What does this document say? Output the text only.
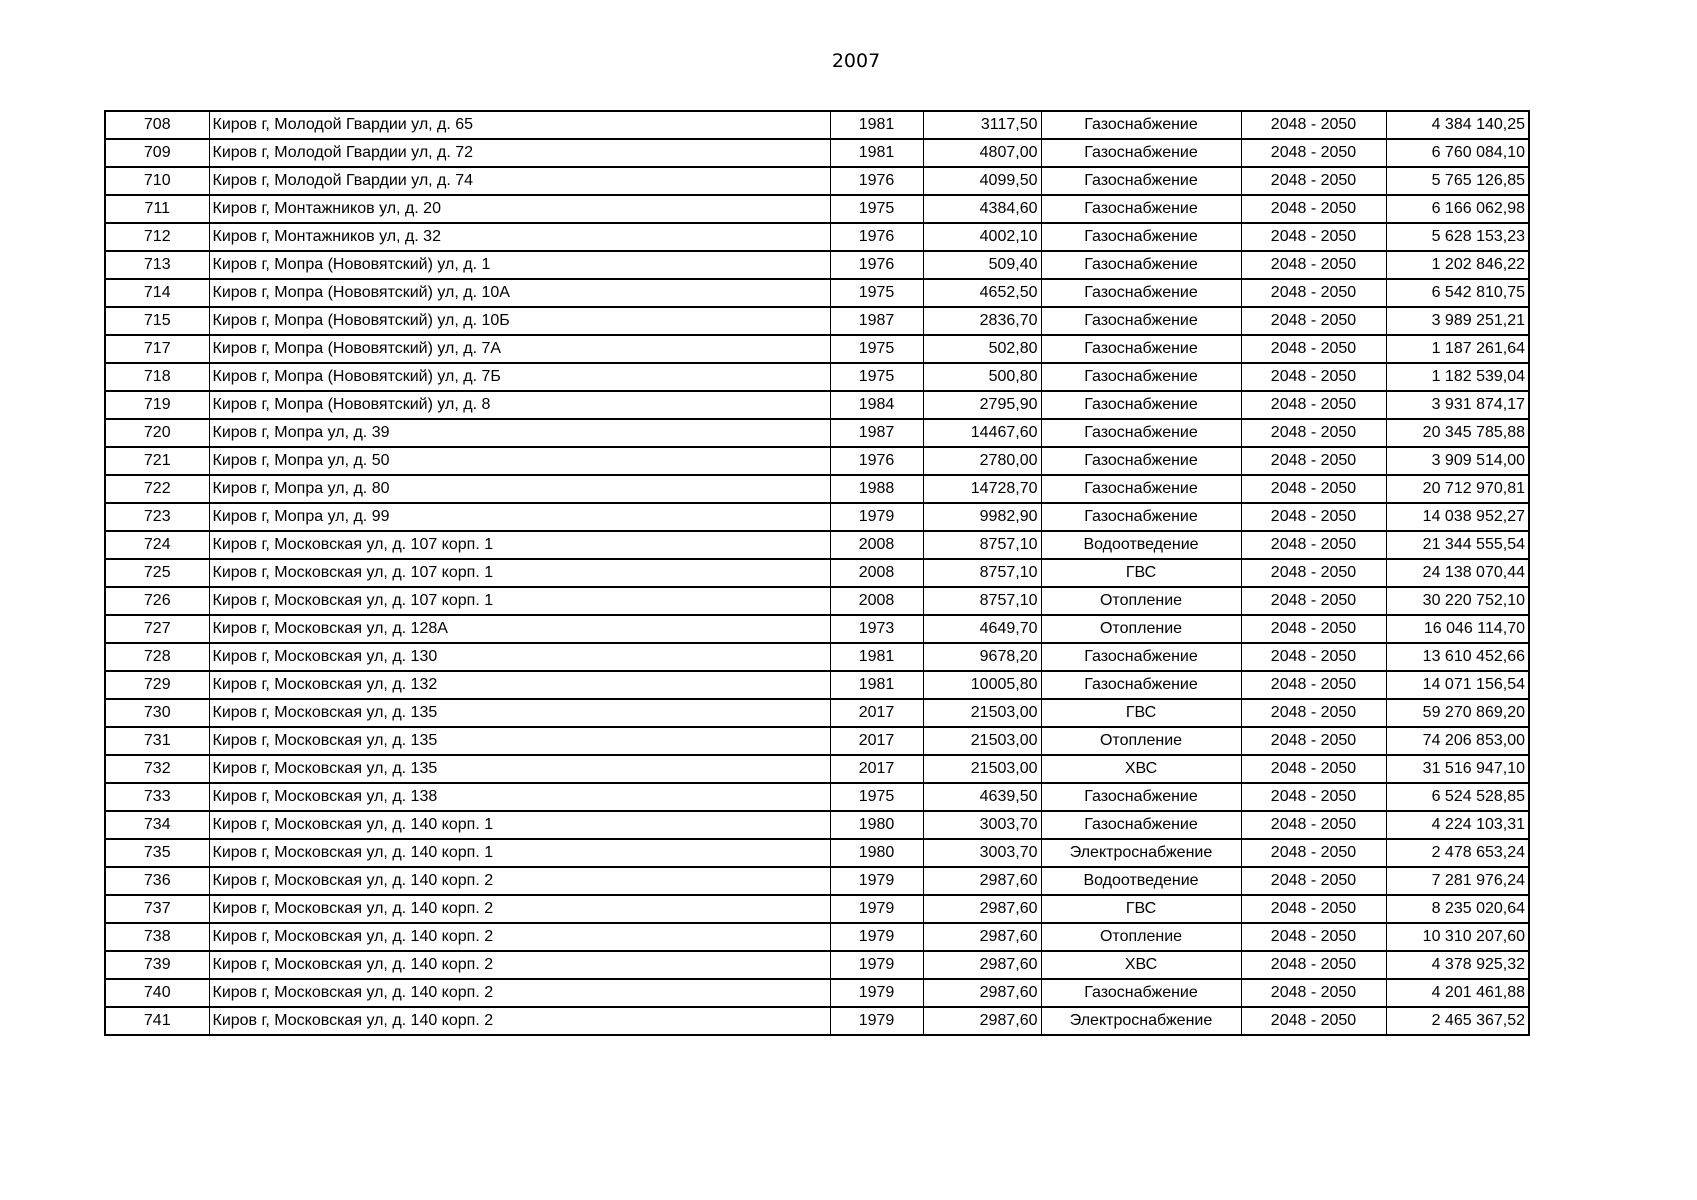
2007
708	Киров г, Молодой Гвардии ул, д. 65	1981	3117,50	Газоснабжение	2048 - 2050	4 384 140,25
709	Киров г, Молодой Гвардии ул, д. 72	1981	4807,00	Газоснабжение	2048 - 2050	6 760 084,10
710	Киров г, Молодой Гвардии ул, д. 74	1976	4099,50	Газоснабжение	2048 - 2050	5 765 126,85
711	Киров г, Монтажников ул, д. 20	1975	4384,60	Газоснабжение	2048 - 2050	6 166 062,98
712	Киров г, Монтажников ул, д. 32	1976	4002,10	Газоснабжение	2048 - 2050	5 628 153,23
713	Киров г, Мопра (Нововятский) ул, д. 1	1976	509,40	Газоснабжение	2048 - 2050	1 202 846,22
714	Киров г, Мопра (Нововятский) ул, д. 10А	1975	4652,50	Газоснабжение	2048 - 2050	6 542 810,75
715	Киров г, Мопра (Нововятский) ул, д. 10Б	1987	2836,70	Газоснабжение	2048 - 2050	3 989 251,21
717	Киров г, Мопра (Нововятский) ул, д. 7А	1975	502,80	Газоснабжение	2048 - 2050	1 187 261,64
718	Киров г, Мопра (Нововятский) ул, д. 7Б	1975	500,80	Газоснабжение	2048 - 2050	1 182 539,04
719	Киров г, Мопра (Нововятский) ул, д. 8	1984	2795,90	Газоснабжение	2048 - 2050	3 931 874,17
720	Киров г, Мопра ул, д. 39	1987	14467,60	Газоснабжение	2048 - 2050	20 345 785,88
721	Киров г, Мопра ул, д. 50	1976	2780,00	Газоснабжение	2048 - 2050	3 909 514,00
722	Киров г, Мопра ул, д. 80	1988	14728,70	Газоснабжение	2048 - 2050	20 712 970,81
723	Киров г, Мопра ул, д. 99	1979	9982,90	Газоснабжение	2048 - 2050	14 038 952,27
724	Киров г, Московская ул, д. 107 корп. 1	2008	8757,10	Водоотведение	2048 - 2050	21 344 555,54
725	Киров г, Московская ул, д. 107 корп. 1	2008	8757,10	ГВС	2048 - 2050	24 138 070,44
726	Киров г, Московская ул, д. 107 корп. 1	2008	8757,10	Отопление	2048 - 2050	30 220 752,10
727	Киров г, Московская ул, д. 128А	1973	4649,70	Отопление	2048 - 2050	16 046 114,70
728	Киров г, Московская ул, д. 130	1981	9678,20	Газоснабжение	2048 - 2050	13 610 452,66
729	Киров г, Московская ул, д. 132	1981	10005,80	Газоснабжение	2048 - 2050	14 071 156,54
730	Киров г, Московская ул, д. 135	2017	21503,00	ГВС	2048 - 2050	59 270 869,20
731	Киров г, Московская ул, д. 135	2017	21503,00	Отопление	2048 - 2050	74 206 853,00
732	Киров г, Московская ул, д. 135	2017	21503,00	ХВС	2048 - 2050	31 516 947,10
733	Киров г, Московская ул, д. 138	1975	4639,50	Газоснабжение	2048 - 2050	6 524 528,85
734	Киров г, Московская ул, д. 140 корп. 1	1980	3003,70	Газоснабжение	2048 - 2050	4 224 103,31
735	Киров г, Московская ул, д. 140 корп. 1	1980	3003,70	Электроснабжение	2048 - 2050	2 478 653,24
736	Киров г, Московская ул, д. 140 корп. 2	1979	2987,60	Водоотведение	2048 - 2050	7 281 976,24
737	Киров г, Московская ул, д. 140 корп. 2	1979	2987,60	ГВС	2048 - 2050	8 235 020,64
738	Киров г, Московская ул, д. 140 корп. 2	1979	2987,60	Отопление	2048 - 2050	10 310 207,60
739	Киров г, Московская ул, д. 140 корп. 2	1979	2987,60	ХВС	2048 - 2050	4 378 925,32
740	Киров г, Московская ул, д. 140 корп. 2	1979	2987,60	Газоснабжение	2048 - 2050	4 201 461,88
741	Киров г, Московская ул, д. 140 корп. 2	1979	2987,60	Электроснабжение	2048 - 2050	2 465 367,52
